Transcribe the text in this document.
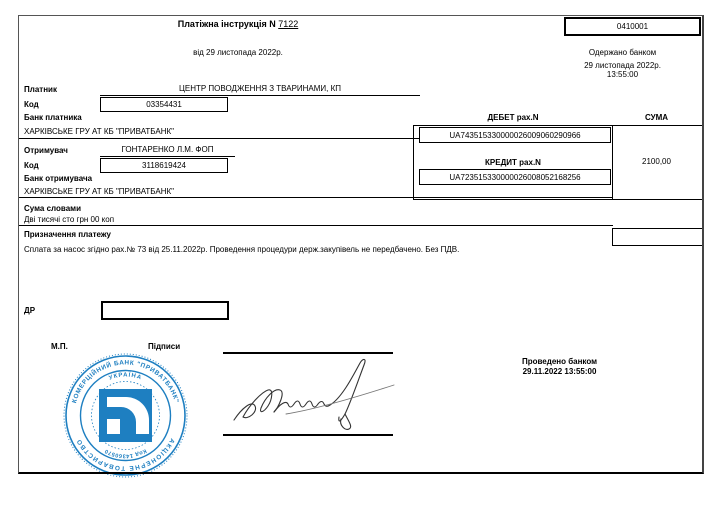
Платіжна інструкція N 7122	0410001
від 29 листопада 2022р.	Одержано банком
29 листопада 2022р.
13:55:00
Платник	ЦЕНТР ПОВОДЖЕННЯ З ТВАРИНАМИ, КП
Код	03354431
Банк платника
ХАРКІВСЬКЕ ГРУ АТ КБ "ПРИВАТБАНК"
Отримувач	ГОНТАРЕНКО Л.М. ФОП
Код	3118619424
Банк отримувача
ХАРКІВСЬКЕ ГРУ АТ КБ "ПРИВАТБАНК"
ДЕБЕТ рах.N	СУМА
UA743515330000026009060290966
КРЕДИТ рах.N
UA723515330000026008052168256
2100,00
Сума словами
Дві тисячі сто грн 00 коп
Призначення платежу
Сплата за насос згідно рах.№ 73 від 25.11.2022р. Проведення процедури держ.закупівель не передбачено. Без ПДВ.
ДР
М.П.	Підписи
Проведено банком
29.11.2022 13:55:00
КОМЕРЦІЙНИЙ БАНК "ПРИВАТБАНК"
АКЦІОНЕРНЕ ТОВАРИСТВО
УКРАЇНА
Код 14360570
